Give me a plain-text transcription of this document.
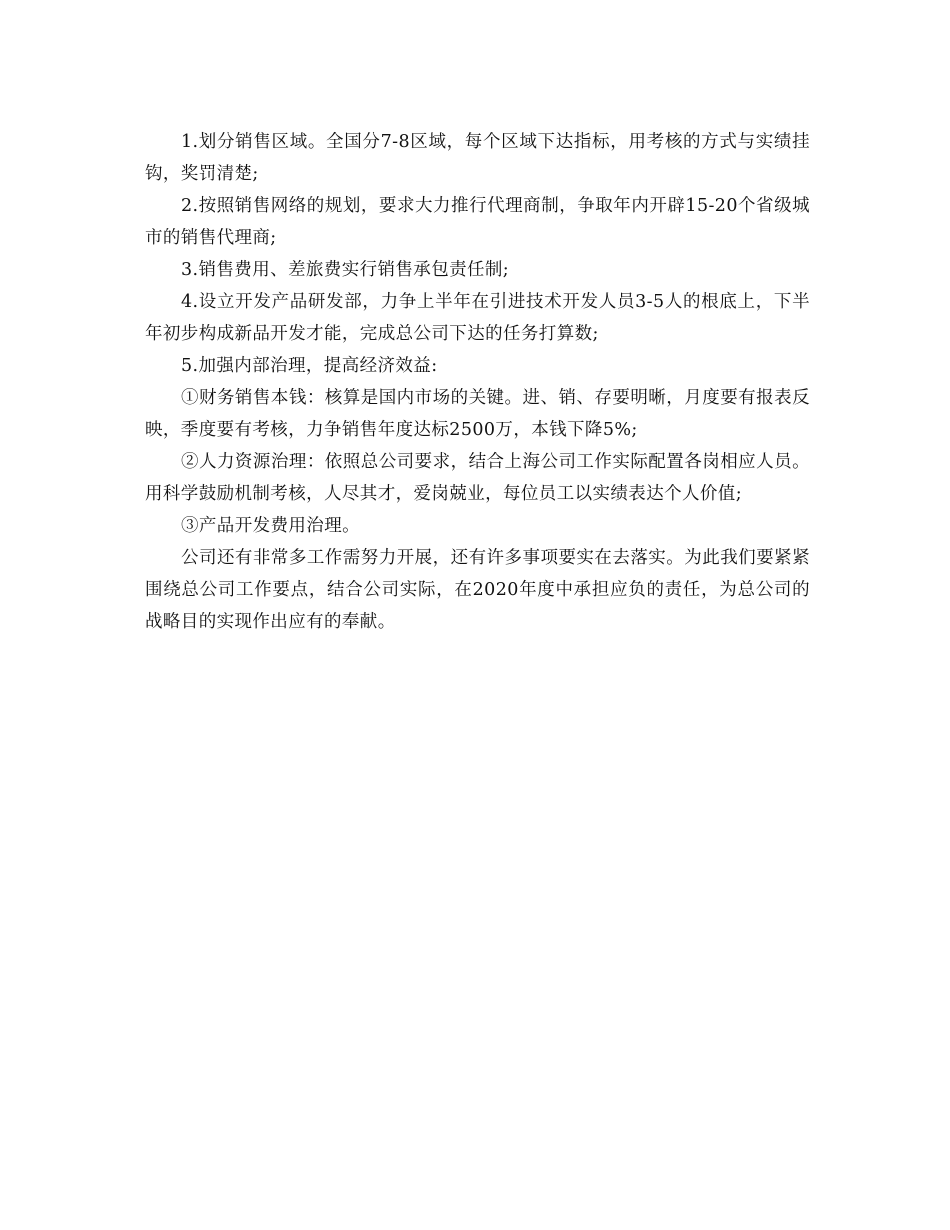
1.划分销售区域。全国分7-8区域，每个区域下达指标，用考核的方式与实绩挂钩，奖罚清楚;

2.按照销售网络的规划，要求大力推行代理商制，争取年内开辟15-20个省级城市的销售代理商;

3.销售费用、差旅费实行销售承包责任制;

4.设立开发产品研发部，力争上半年在引进技术开发人员3-5人的根底上，下半年初步构成新品开发才能，完成总公司下达的任务打算数;

5.加强内部治理，提高经济效益:

①财务销售本钱：核算是国内市场的关键。进、销、存要明晰，月度要有报表反映，季度要有考核，力争销售年度达标2500万，本钱下降5%;

②人力资源治理：依照总公司要求，结合上海公司工作实际配置各岗相应人员。用科学鼓励机制考核，人尽其才，爱岗兢业，每位员工以实绩表达个人价值;

③产品开发费用治理。

公司还有非常多工作需努力开展，还有许多事项要实在去落实。为此我们要紧紧围绕总公司工作要点，结合公司实际，在2020年度中承担应负的责任，为总公司的战略目的实现作出应有的奉献。
